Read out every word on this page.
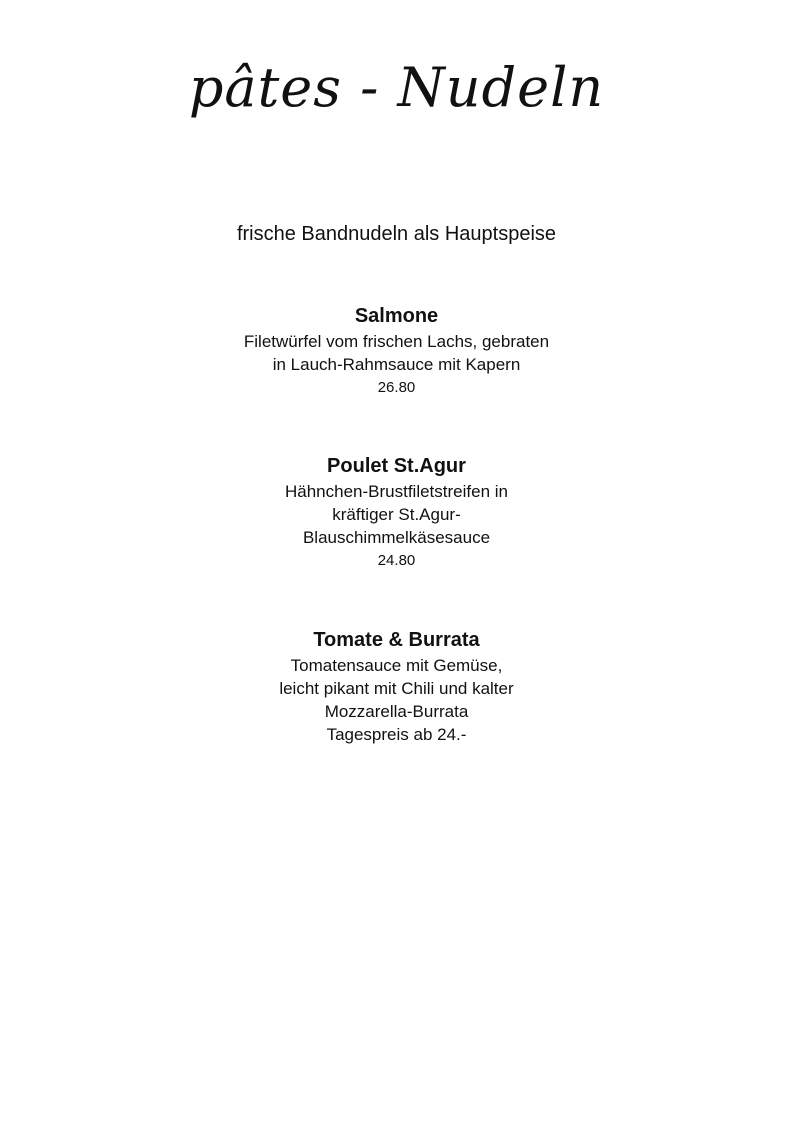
pâtes - Nudeln

frische Bandnudeln als Hauptspeise

Salmone

Filetwürfel vom frischen Lachs, gebraten

in Lauch-Rahmsauce mit Kapern

26.80

Poulet St.Agur

Hähnchen-Brustfiletstreifen in

kräftiger St.Agur-

Blauschimmelkäsesauce

24.80

Tomate & Burrata

Tomatensauce mit Gemüse,

leicht pikant mit Chili und kalter

Mozzarella-Burrata

Tagespreis ab 24.-
